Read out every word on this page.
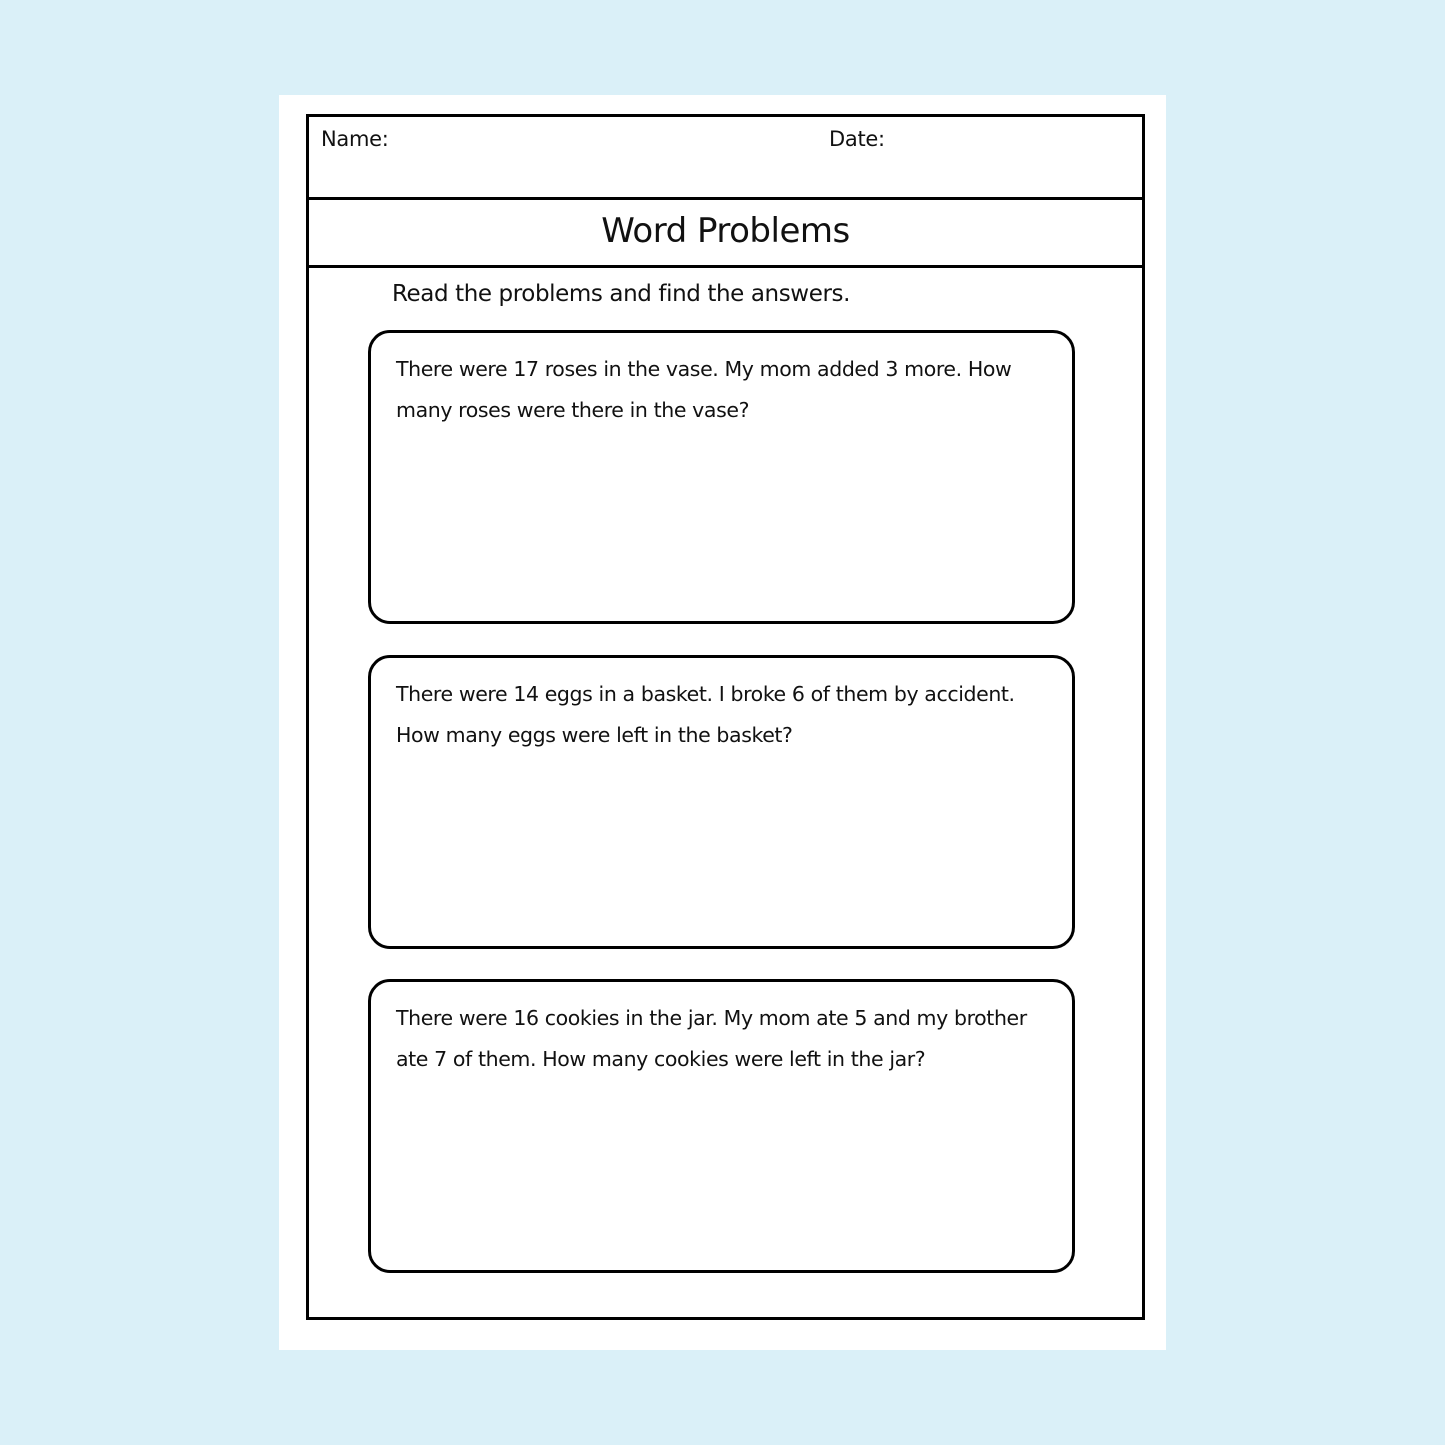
Name:	Date:
Word Problems
Read the problems and find the answers.
There were 17 roses in the vase. My mom added 3 more. How many roses were there in the vase?
There were 14 eggs in a basket. I broke 6 of them by accident. How many eggs were left in the basket?
There were 16 cookies in the jar. My mom ate 5 and my brother ate 7 of them. How many cookies were left in the jar?
